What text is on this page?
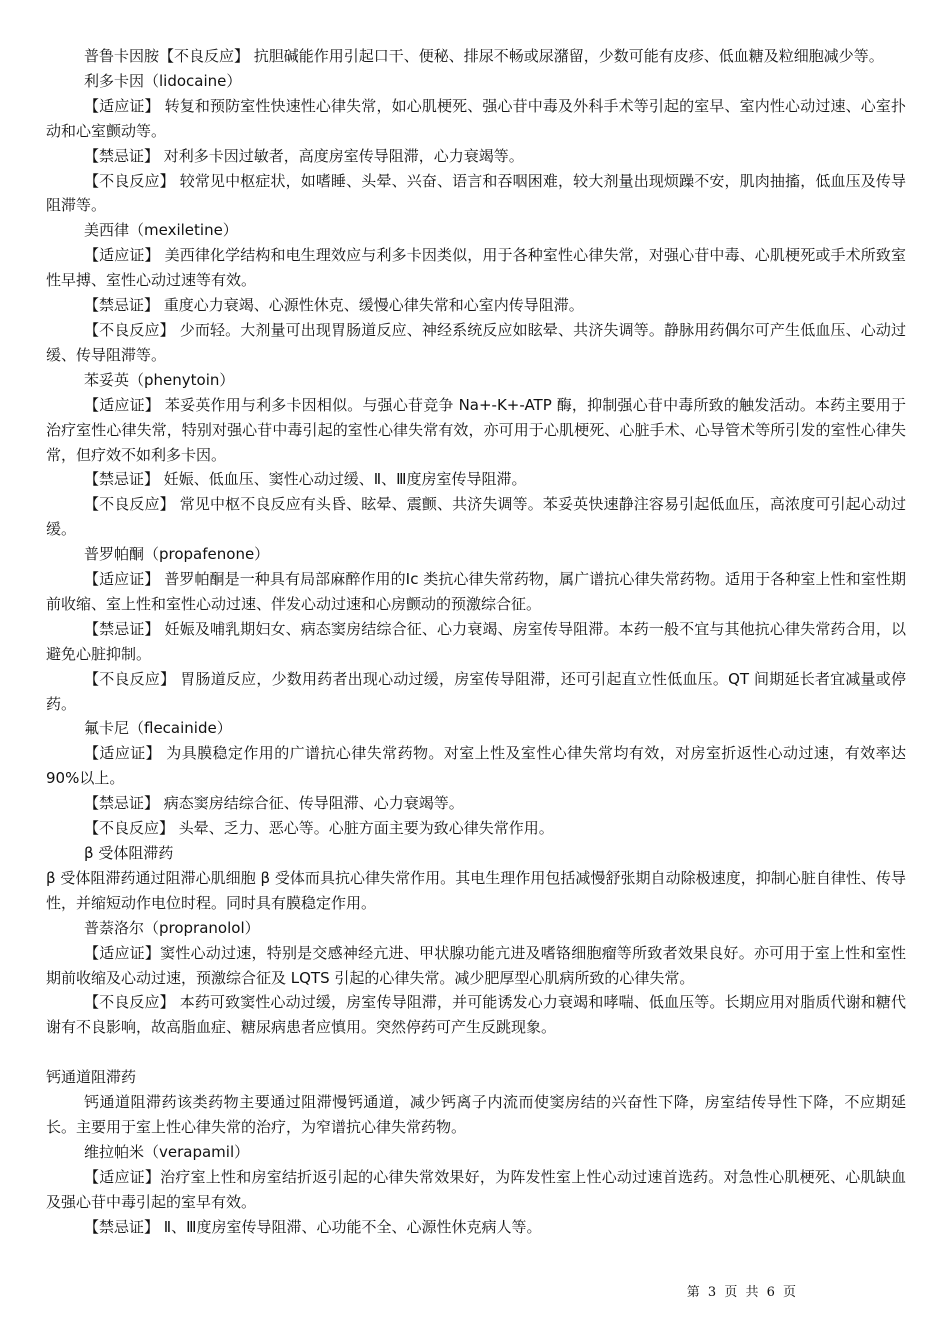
普鲁卡因胺【不良反应】 抗胆碱能作用引起口干、便秘、排尿不畅或尿潴留，少数可能有皮疹、低血糖及粒细胞减少等。

利多卡因（lidocaine）

【适应证】 转复和预防室性快速性心律失常，如心肌梗死、强心苷中毒及外科手术等引起的室早、室内性心动过速、心室扑动和心室颤动等。

【禁忌证】 对利多卡因过敏者，高度房室传导阻滞，心力衰竭等。

【不良反应】 较常见中枢症状，如嗜睡、头晕、兴奋、语言和吞咽困难，较大剂量出现烦躁不安，肌肉抽搐，低血压及传导阻滞等。

美西律（mexiletine）

【适应证】 美西律化学结构和电生理效应与利多卡因类似，用于各种室性心律失常，对强心苷中毒、心肌梗死或手术所致室性早搏、室性心动过速等有效。

【禁忌证】 重度心力衰竭、心源性休克、缓慢心律失常和心室内传导阻滞。

【不良反应】 少而轻。大剂量可出现胃肠道反应、神经系统反应如眩晕、共济失调等。静脉用药偶尔可产生低血压、心动过缓、传导阻滞等。

苯妥英（phenytoin）

【适应证】 苯妥英作用与利多卡因相似。与强心苷竞争 Na+-K+-ATP 酶，抑制强心苷中毒所致的触发活动。本药主要用于治疗室性心律失常，特别对强心苷中毒引起的室性心律失常有效，亦可用于心肌梗死、心脏手术、心导管术等所引发的室性心律失常，但疗效不如利多卡因。

【禁忌证】 妊娠、低血压、窦性心动过缓、Ⅱ、Ⅲ度房室传导阻滞。

【不良反应】 常见中枢不良反应有头昏、眩晕、震颤、共济失调等。苯妥英快速静注容易引起低血压，高浓度可引起心动过缓。

普罗帕酮（propafenone）

【适应证】 普罗帕酮是一种具有局部麻醉作用的Ⅰc 类抗心律失常药物，属广谱抗心律失常药物。适用于各种室上性和室性期前收缩、室上性和室性心动过速、伴发心动过速和心房颤动的预激综合征。

【禁忌证】 妊娠及哺乳期妇女、病态窦房结综合征、心力衰竭、房室传导阻滞。本药一般不宜与其他抗心律失常药合用，以避免心脏抑制。

【不良反应】 胃肠道反应，少数用药者出现心动过缓，房室传导阻滞，还可引起直立性低血压。QT 间期延长者宜减量或停药。

氟卡尼（flecainide）

【适应证】 为具膜稳定作用的广谱抗心律失常药物。对室上性及室性心律失常均有效，对房室折返性心动过速，有效率达 90%以上。

【禁忌证】 病态窦房结综合征、传导阻滞、心力衰竭等。

【不良反应】 头晕、乏力、恶心等。心脏方面主要为致心律失常作用。

β 受体阻滞药

β 受体阻滞药通过阻滞心肌细胞 β 受体而具抗心律失常作用。其电生理作用包括减慢舒张期自动除极速度，抑制心脏自律性、传导性，并缩短动作电位时程。同时具有膜稳定作用。

普萘洛尔（propranolol）

【适应证】窦性心动过速，特别是交感神经亢进、甲状腺功能亢进及嗜铬细胞瘤等所致者效果良好。亦可用于室上性和室性期前收缩及心动过速，预激综合征及 LQTS 引起的心律失常。减少肥厚型心肌病所致的心律失常。

【不良反应】 本药可致窦性心动过缓，房室传导阻滞，并可能诱发心力衰竭和哮喘、低血压等。长期应用对脂质代谢和糖代谢有不良影响，故高脂血症、糖尿病患者应慎用。突然停药可产生反跳现象。

钙通道阻滞药

钙通道阻滞药该类药物主要通过阻滞慢钙通道，减少钙离子内流而使窦房结的兴奋性下降，房室结传导性下降，不应期延长。主要用于室上性心律失常的治疗，为窄谱抗心律失常药物。

维拉帕米（verapamil）

【适应证】治疗室上性和房室结折返引起的心律失常效果好，为阵发性室上性心动过速首选药。对急性心肌梗死、心肌缺血及强心苷中毒引起的室早有效。

【禁忌证】 Ⅱ、Ⅲ度房室传导阻滞、心功能不全、心源性休克病人等。

第 3 页 共 6 页
